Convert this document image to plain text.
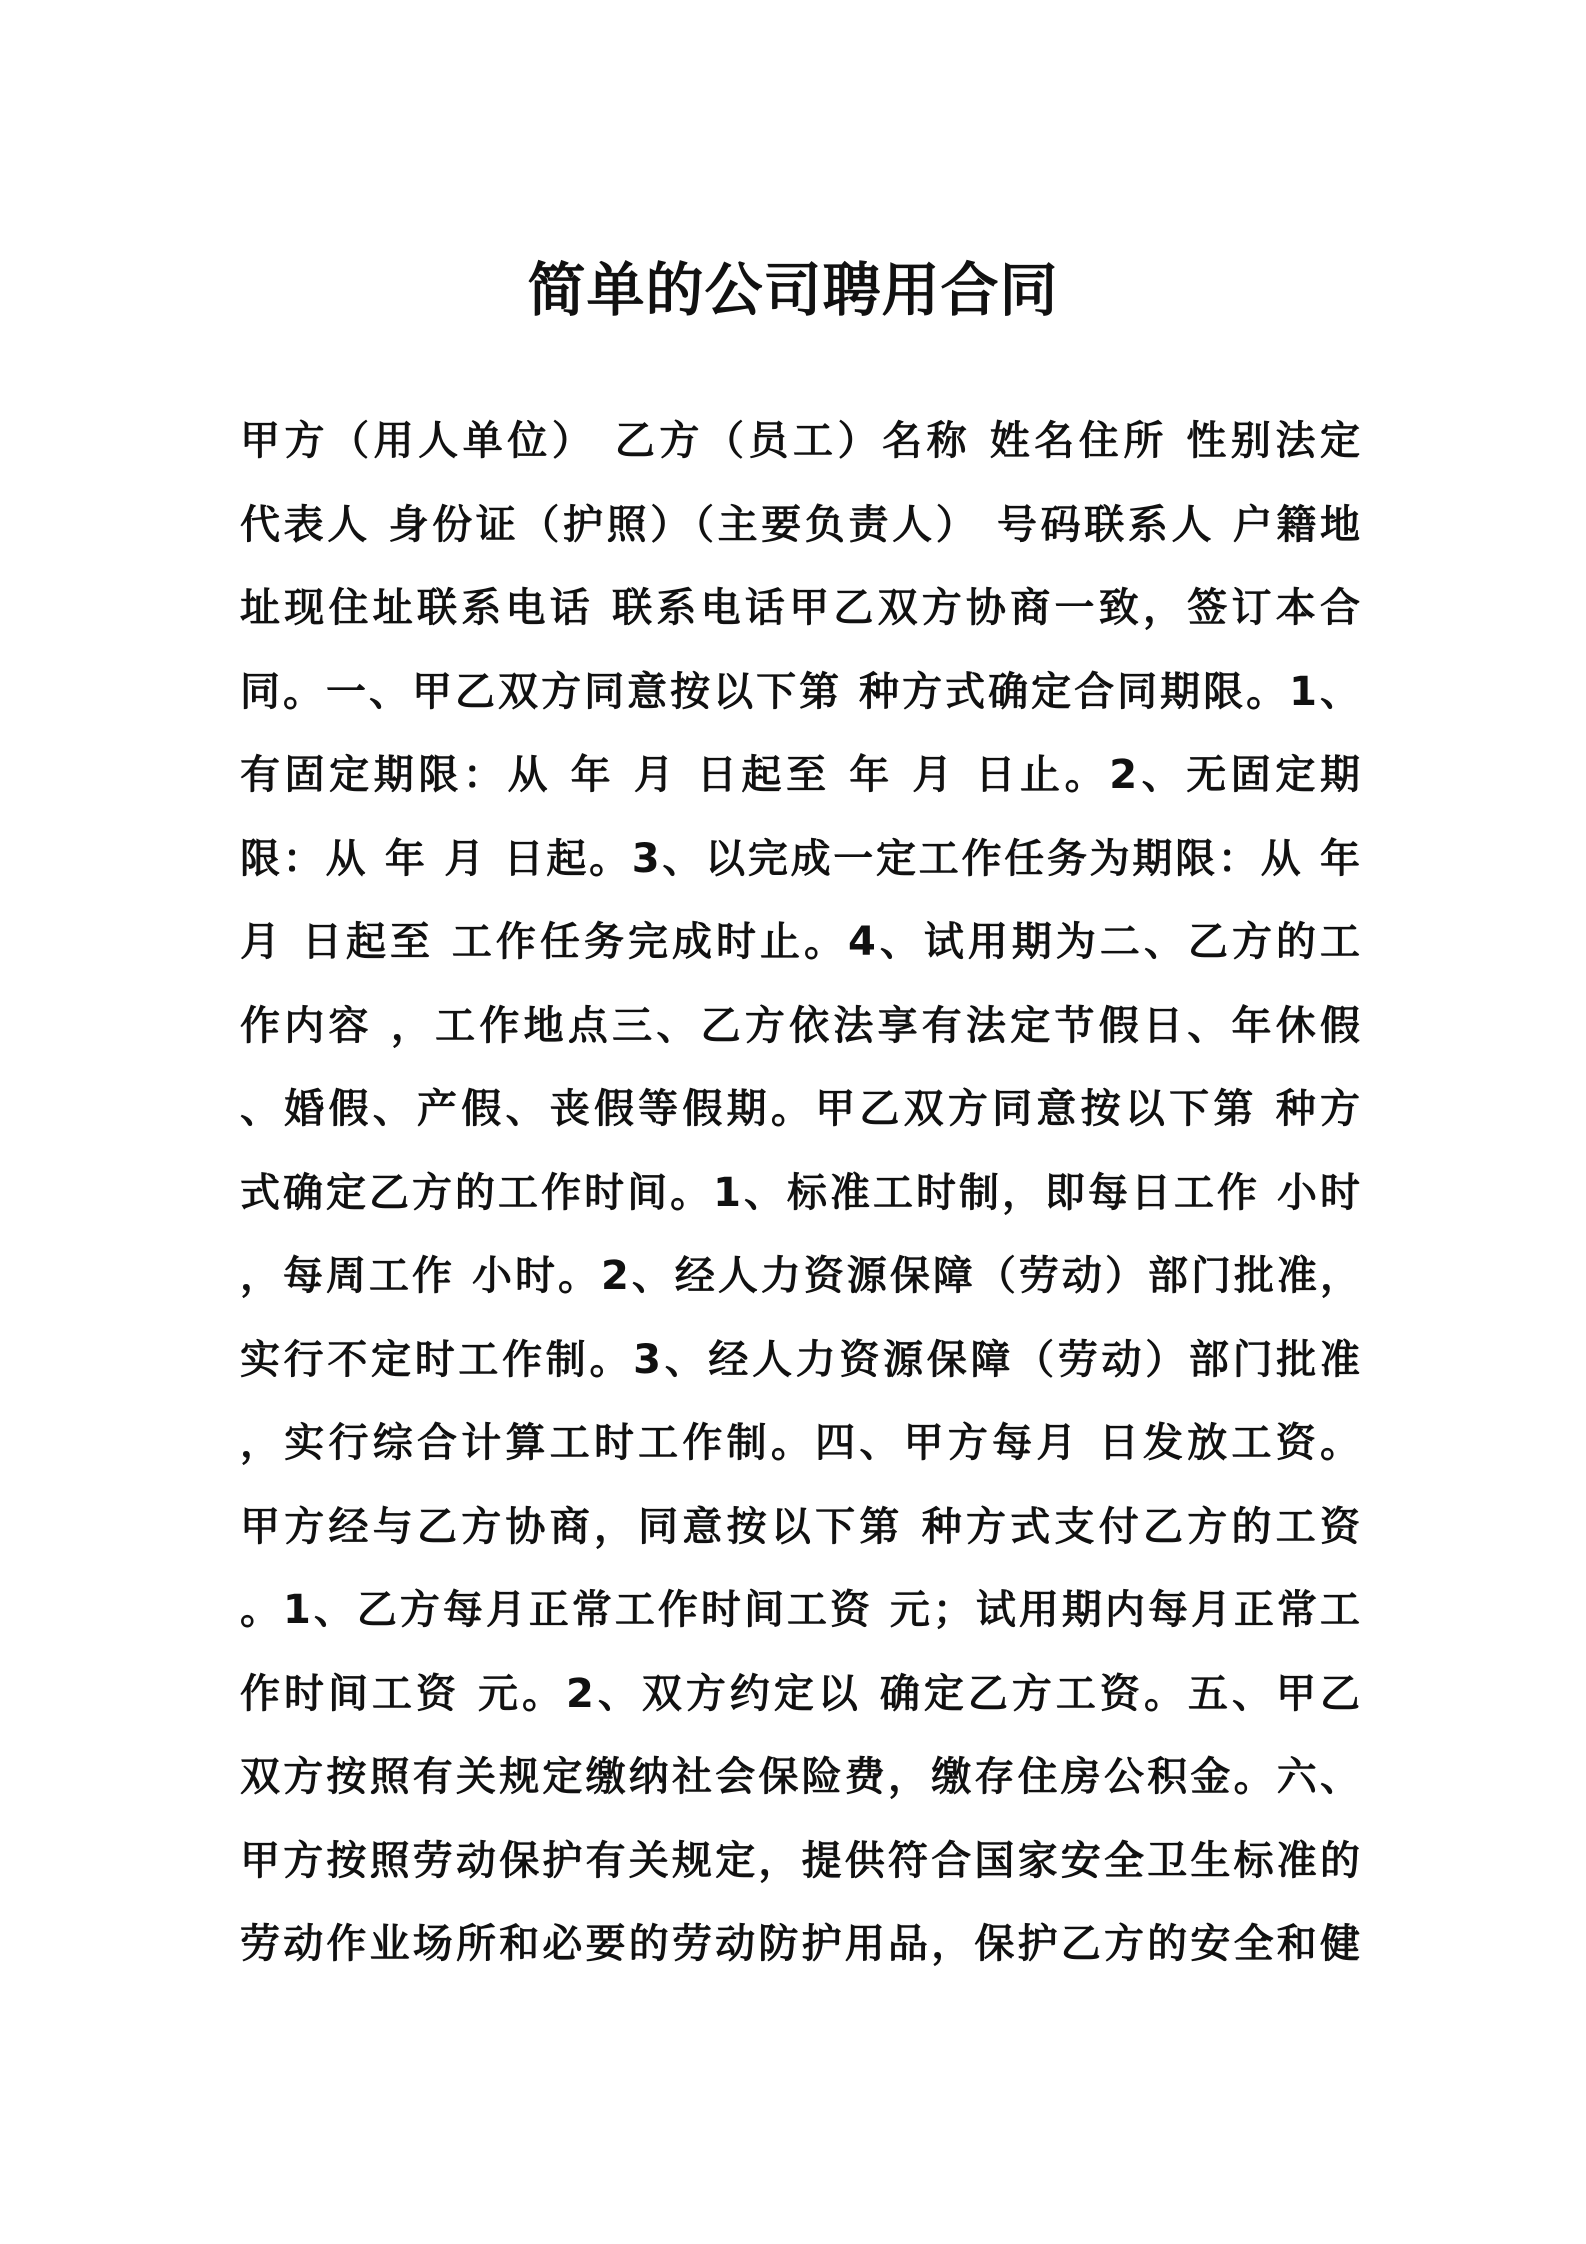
简单的公司聘用合同
甲方（用人单位） 乙方（员工）名称 姓名住所 性别法定
代表人 身份证（护照）（主要负责人） 号码联系人 户籍地
址现住址联系电话 联系电话甲乙双方协商一致，签订本合
同。一、甲乙双方同意按以下第 种方式确定合同期限。1、
有固定期限：从 年 月 日起至 年 月 日止。2、无固定期
限：从 年 月 日起。3、以完成一定工作任务为期限：从 年
月 日起至 工作任务完成时止。4、试用期为二、乙方的工
作内容 ，工作地点三、乙方依法享有法定节假日、年休假
、婚假、产假、丧假等假期。甲乙双方同意按以下第 种方
式确定乙方的工作时间。1、标准工时制，即每日工作 小时
，每周工作 小时。2、经人力资源保障（劳动）部门批准，
实行不定时工作制。3、经人力资源保障（劳动）部门批准
，实行综合计算工时工作制。四、甲方每月 日发放工资。
甲方经与乙方协商，同意按以下第 种方式支付乙方的工资
。1、乙方每月正常工作时间工资 元；试用期内每月正常工
作时间工资 元。2、双方约定以 确定乙方工资。五、甲乙
双方按照有关规定缴纳社会保险费，缴存住房公积金。六、
甲方按照劳动保护有关规定，提供符合国家安全卫生标准的
劳动作业场所和必要的劳动防护用品，保护乙方的安全和健
